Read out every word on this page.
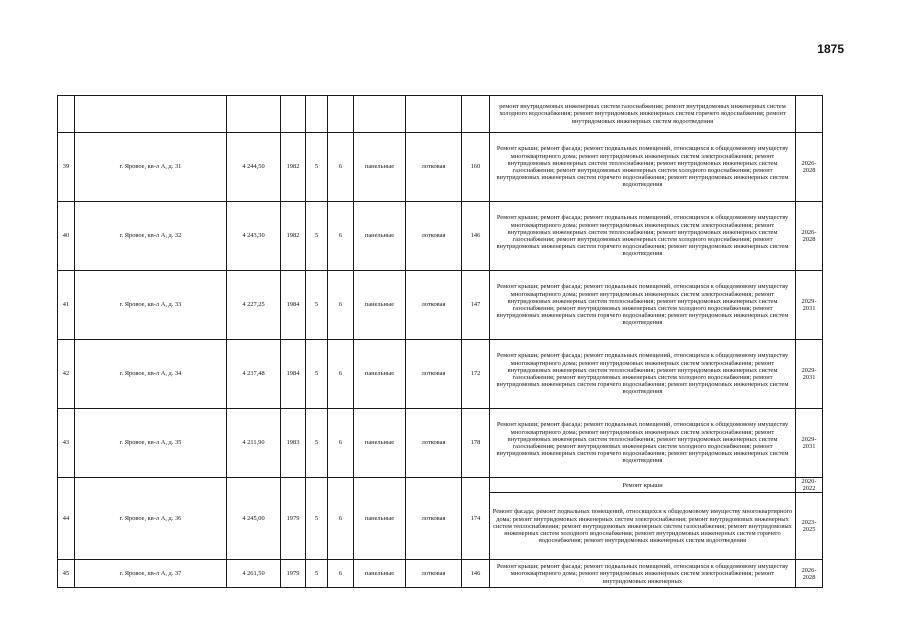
1875
									ремонт внутридомовых инженерных систем газоснабжения; ремонт внутридомовых инженерных систем холодного водоснабжения; ремонт внутридомовых инженерных систем горячего водоснабжения; ремонт внутридомовых инженерных систем водоотведения	
39	г. Яровое, кв-л А, д. 31	4 244,50	1982	5	6	панельные	лотковая	160	Ремонт крыши; ремонт фасада; ремонт подвальных помещений, относящихся к общедомовому имуществу многоквартирного дома; ремонт внутридомовых инженерных систем электроснабжения; ремонт внутридомовых инженерных систем теплоснабжения; ремонт внутридомовых инженерных систем газоснабжения; ремонт внутридомовых инженерных систем холодного водоснабжения; ремонт внутридомовых инженерных систем горячего водоснабжения; ремонт внутридомовых инженерных систем водоотведения	2026-2028
40	г. Яровое, кв-л А, д. 32	4 243,30	1982	5	6	панельные	лотковая	146	Ремонт крыши; ремонт фасада; ремонт подвальных помещений, относящихся к общедомовому имуществу многоквартирного дома; ремонт внутридомовых инженерных систем электроснабжения; ремонт внутридомовых инженерных систем теплоснабжения; ремонт внутридомовых инженерных систем газоснабжения; ремонт внутридомовых инженерных систем холодного водоснабжения; ремонт внутридомовых инженерных систем горячего водоснабжения; ремонт внутридомовых инженерных систем водоотведения	2026-2028
41	г. Яровое, кв-л А, д. 33	4 227,25	1984	5	6	панельные	лотковая	147	Ремонт крыши; ремонт фасада; ремонт подвальных помещений, относящихся к общедомовому имуществу многоквартирного дома; ремонт внутридомовых инженерных систем электроснабжения; ремонт внутридомовых инженерных систем теплоснабжения; ремонт внутридомовых инженерных систем газоснабжения; ремонт внутридомовых инженерных систем холодного водоснабжения; ремонт внутридомовых инженерных систем горячего водоснабжения; ремонт внутридомовых инженерных систем водоотведения	2029-2031
42	г. Яровое, кв-л А, д. 34	4 237,48	1984	5	6	панельные	лотковая	172	Ремонт крыши; ремонт фасада; ремонт подвальных помещений, относящихся к общедомовому имуществу многоквартирного дома; ремонт внутридомовых инженерных систем электроснабжения; ремонт внутридомовых инженерных систем теплоснабжения; ремонт внутридомовых инженерных систем газоснабжения; ремонт внутридомовых инженерных систем холодного водоснабжения; ремонт внутридомовых инженерных систем горячего водоснабжения; ремонт внутридомовых инженерных систем водоотведения	2029-2031
43	г. Яровое, кв-л А, д. 35	4 211,90	1983	5	6	панельные	лотковая	178	Ремонт крыши; ремонт фасада; ремонт подвальных помещений, относящихся к общедомовому имуществу многоквартирного дома; ремонт внутридомовых инженерных систем электроснабжения; ремонт внутридомовых инженерных систем теплоснабжения; ремонт внутридомовых инженерных систем газоснабжения; ремонт внутридомовых инженерных систем холодного водоснабжения; ремонт внутридомовых инженерных систем горячего водоснабжения; ремонт внутридомовых инженерных систем водоотведения	2029-2031
44	г. Яровое, кв-л А, д. 36	4 245,00	1979	5	6	панельные	лотковая	174	Ремонт крыши	2020-2022
									Ремонт фасада; ремонт подвальных помещений, относящихся к общедомовому имуществу многоквартирного дома; ремонт внутридомовых инженерных систем электроснабжения; ремонт внутридомовых инженерных систем теплоснабжения; ремонт внутридомовых инженерных систем газоснабжения; ремонт внутридомовых инженерных систем холодного водоснабжения; ремонт внутридомовых инженерных систем горячего водоснабжения; ремонт внутридомовых инженерных систем водоотведения	2023-2025
45	г. Яровое, кв-л А, д. 37	4 261,50	1979	5	6	панельные	лотковая	146	Ремонт крыши; ремонт фасада; ремонт подвальных помещений, относящихся к общедомовому имуществу многоквартирного дома; ремонт внутридомовых инженерных систем электроснабжения; ремонт внутридомовых инженерных	2026-2028
